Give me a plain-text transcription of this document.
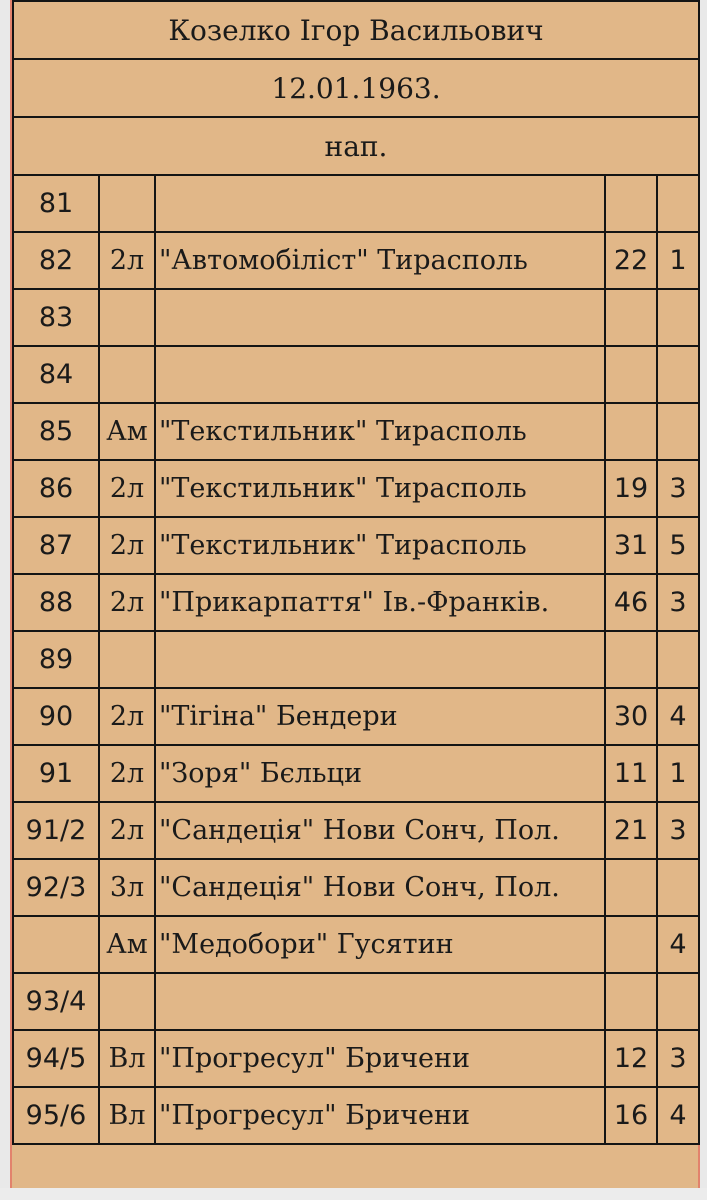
Козелко Ігор Васильович				
12.01.1963.				
нап.				
81				
82	2л	"Автомобіліст" Тирасполь	22	1
83				
84				
85	Ам	"Текстильник" Тирасполь		
86	2л	"Текстильник" Тирасполь	19	3
87	2л	"Текстильник" Тирасполь	31	5
88	2л	"Прикарпаття" Ів.-Франків.	46	3
89				
90	2л	"Тігіна" Бендери	30	4
91	2л	"Зоря" Бєльци	11	1
91/2	2л	"Сандеція" Нови Сонч, Пол.	21	3
92/3	3л	"Сандеція" Нови Сонч, Пол.		
	Ам	"Медобори" Гусятин		4
93/4				
94/5	Вл	"Прогресул" Бричени	12	3
95/6	Вл	"Прогресул" Бричени	16	4
